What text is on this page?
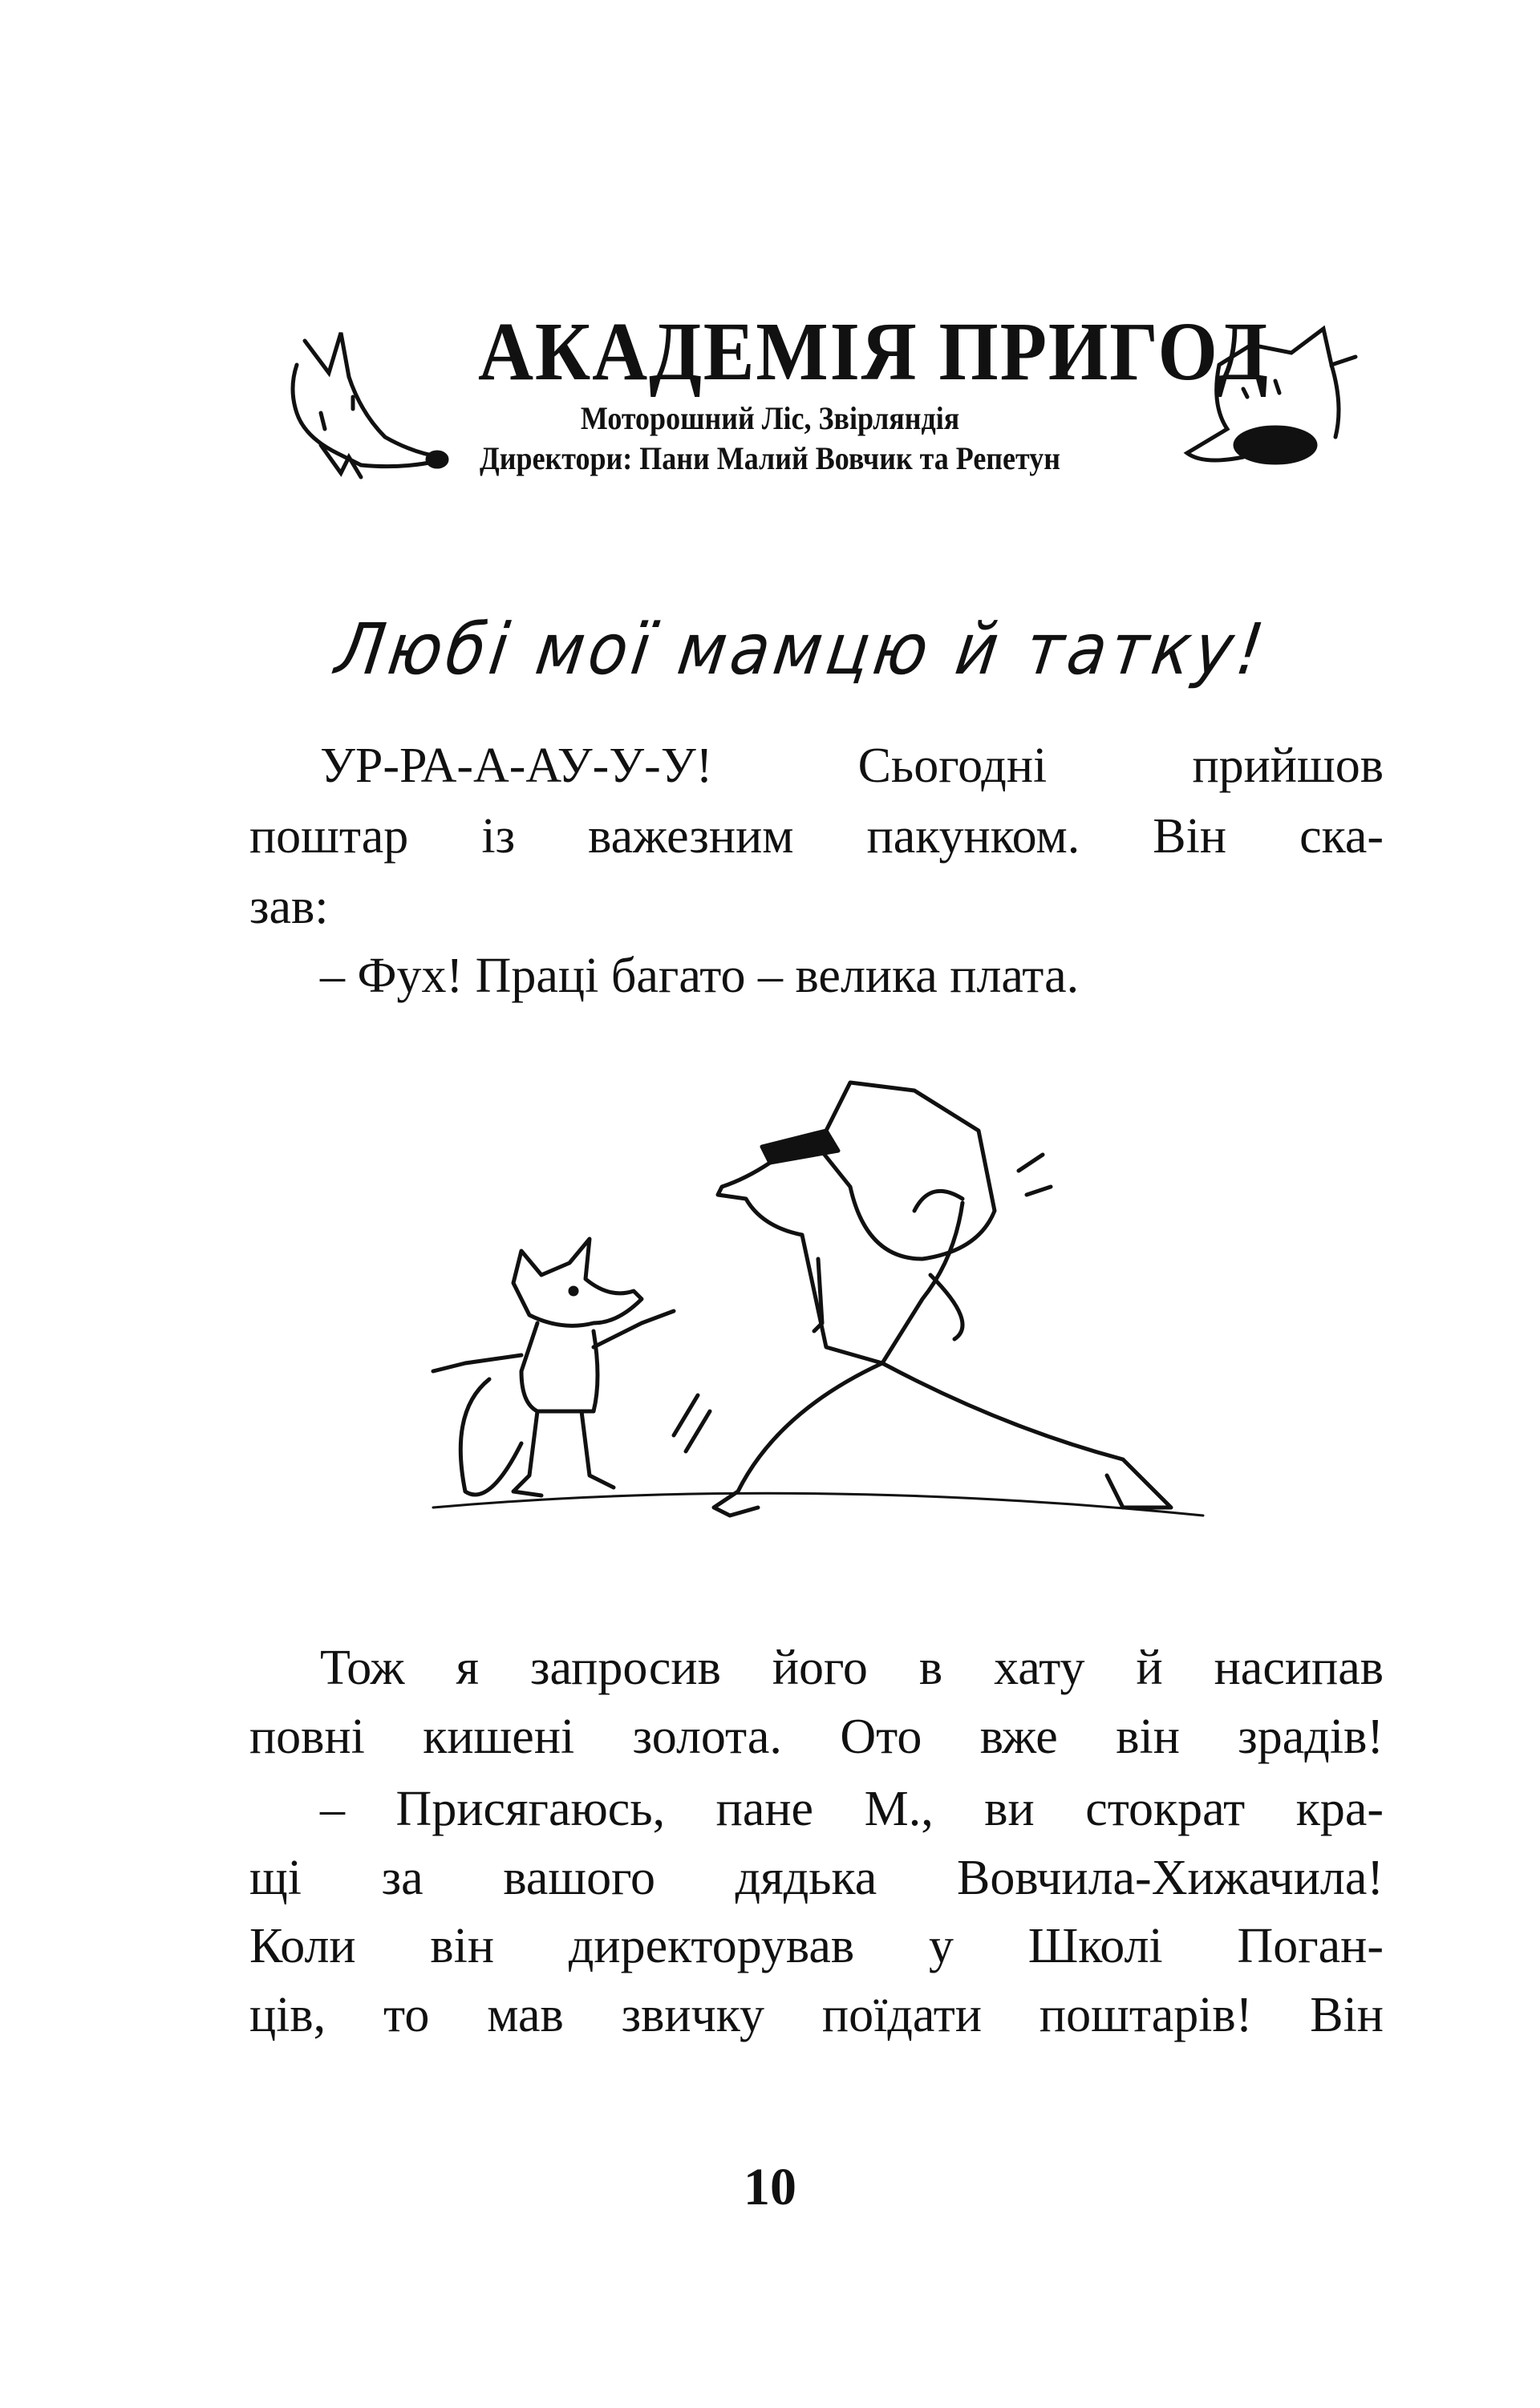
АКАДЕМІЯ ПРИГОД
Моторошний Ліс, Звірляндія
Директори: Пани Малий Вовчик та Репетун
Любі мої мамцю й татку!
УР-РА-А-АУ-У-У! Сьогодні прийшов
поштар із важезним пакунком. Він ска-
зав:
– Фух! Праці багато – велика плата.
Тож я запросив його в хату й насипав
повні кишені золота. Ото вже він зрадів!
– Присягаюсь, пане М., ви стократ кра-
щі за вашого дядька Вовчила-Хижачила!
Коли він директорував у Школі Поган-
ців, то мав звичку поїдати поштарів! Він
10
